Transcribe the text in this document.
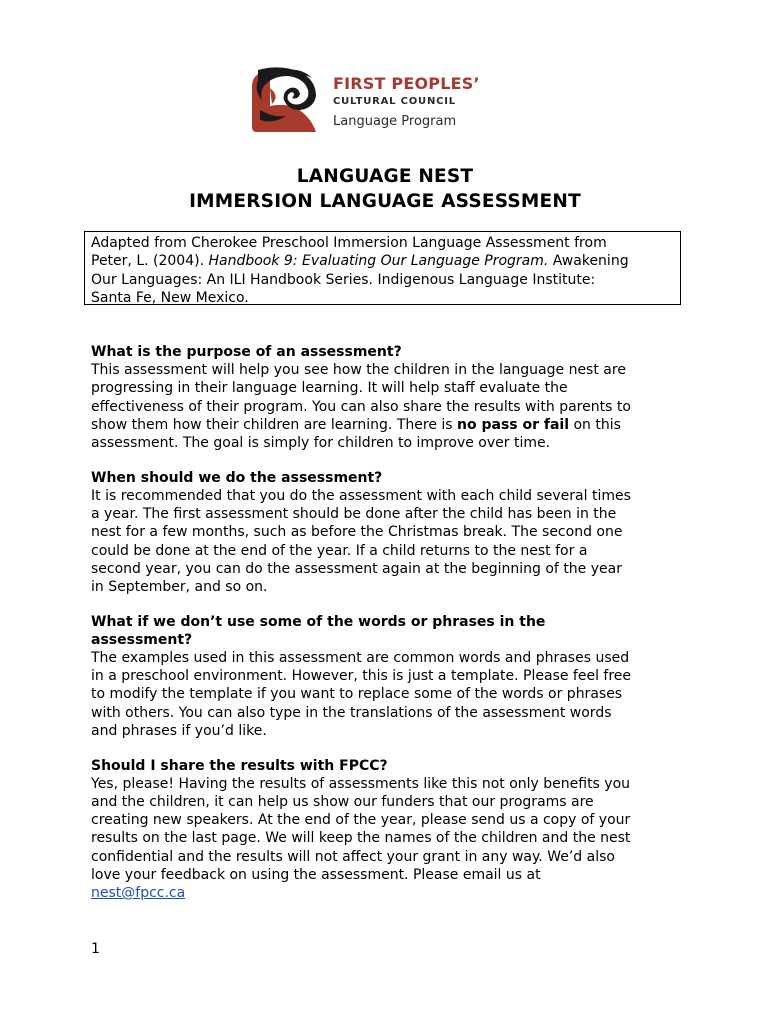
FIRST PEOPLES’
CULTURAL COUNCIL
Language Program
LANGUAGE NEST
IMMERSION LANGUAGE ASSESSMENT
Adapted from Cherokee Preschool Immersion Language Assessment from
Peter, L. (2004). Handbook 9: Evaluating Our Language Program. Awakening
Our Languages: An ILI Handbook Series. Indigenous Language Institute:
Santa Fe, New Mexico.
What is the purpose of an assessment?
This assessment will help you see how the children in the language nest are
progressing in their language learning. It will help staff evaluate the
effectiveness of their program. You can also share the results with parents to
show them how their children are learning. There is no pass or fail on this
assessment. The goal is simply for children to improve over time.
When should we do the assessment?
It is recommended that you do the assessment with each child several times
a year. The first assessment should be done after the child has been in the
nest for a few months, such as before the Christmas break. The second one
could be done at the end of the year. If a child returns to the nest for a
second year, you can do the assessment again at the beginning of the year
in September, and so on.
What if we don’t use some of the words or phrases in the
assessment?
The examples used in this assessment are common words and phrases used
in a preschool environment. However, this is just a template. Please feel free
to modify the template if you want to replace some of the words or phrases
with others. You can also type in the translations of the assessment words
and phrases if you’d like.
Should I share the results with FPCC?
Yes, please! Having the results of assessments like this not only benefits you
and the children, it can help us show our funders that our programs are
creating new speakers. At the end of the year, please send us a copy of your
results on the last page. We will keep the names of the children and the nest
confidential and the results will not affect your grant in any way. We’d also
love your feedback on using the assessment. Please email us at
nest@fpcc.ca
1
